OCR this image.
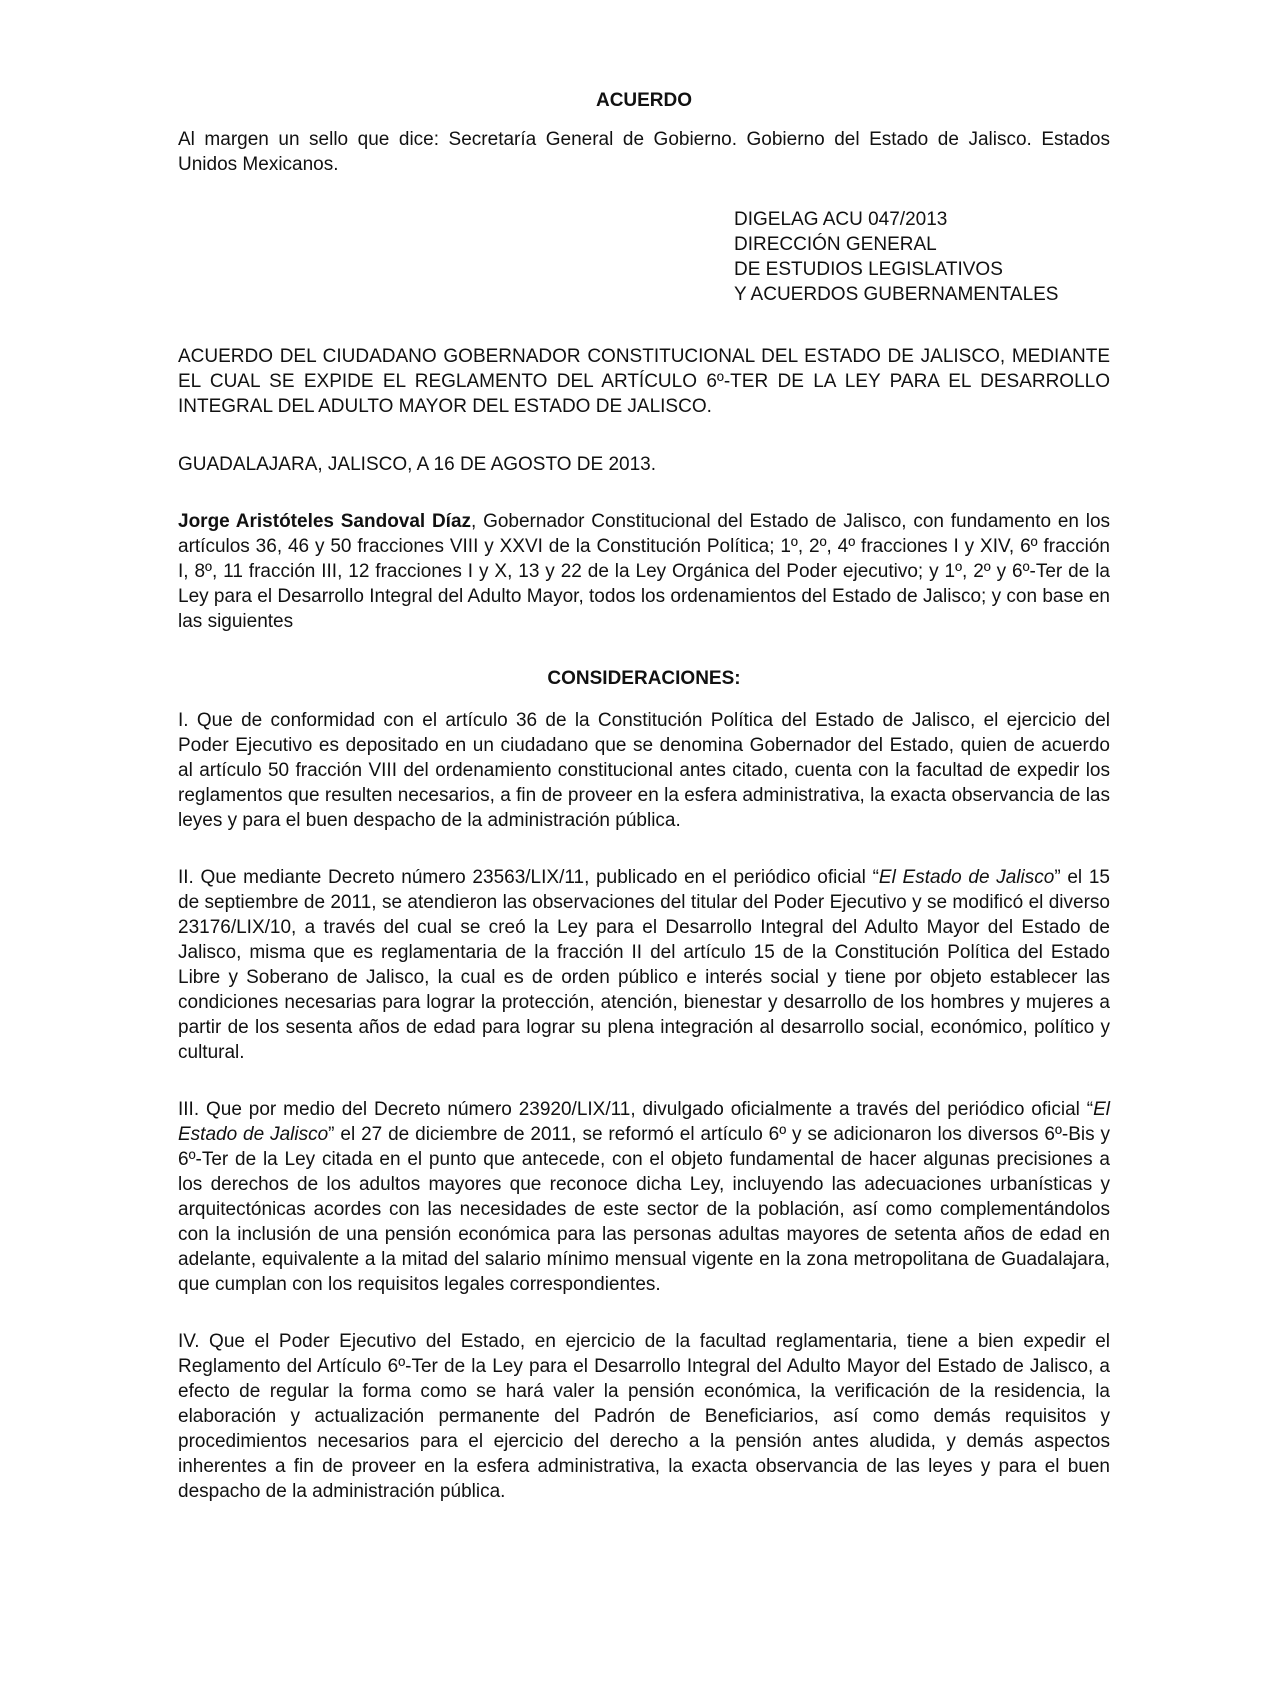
ACUERDO

Al margen un sello que dice: Secretaría General de Gobierno. Gobierno del Estado de Jalisco. Estados Unidos Mexicanos.

DIGELAG ACU 047/2013
DIRECCIÓN GENERAL
DE ESTUDIOS LEGISLATIVOS
Y ACUERDOS GUBERNAMENTALES

ACUERDO DEL CIUDADANO GOBERNADOR CONSTITUCIONAL DEL ESTADO DE JALISCO, MEDIANTE EL CUAL SE EXPIDE EL REGLAMENTO DEL ARTÍCULO 6º-TER DE LA LEY PARA EL DESARROLLO INTEGRAL DEL ADULTO MAYOR DEL ESTADO DE JALISCO.

GUADALAJARA, JALISCO, A 16 DE AGOSTO DE 2013.

Jorge Aristóteles Sandoval Díaz, Gobernador Constitucional del Estado de Jalisco, con fundamento en los artículos 36, 46 y 50 fracciones VIII y XXVI de la Constitución Política; 1º, 2º, 4º fracciones I y XIV, 6º fracción I, 8º, 11 fracción III, 12 fracciones I y X, 13 y 22 de la Ley Orgánica del Poder ejecutivo; y 1º, 2º y 6º-Ter de la Ley para el Desarrollo Integral del Adulto Mayor, todos los ordenamientos del Estado de Jalisco; y con base en las siguientes

CONSIDERACIONES:

I. Que de conformidad con el artículo 36 de la Constitución Política del Estado de Jalisco, el ejercicio del Poder Ejecutivo es depositado en un ciudadano que se denomina Gobernador del Estado, quien de acuerdo al artículo 50 fracción VIII del ordenamiento constitucional antes citado, cuenta con la facultad de expedir los reglamentos que resulten necesarios, a fin de proveer en la esfera administrativa, la exacta observancia de las leyes y para el buen despacho de la administración pública.

II. Que mediante Decreto número 23563/LIX/11, publicado en el periódico oficial “El Estado de Jalisco” el 15 de septiembre de 2011, se atendieron las observaciones del titular del Poder Ejecutivo y se modificó el diverso 23176/LIX/10, a través del cual se creó la Ley para el Desarrollo Integral del Adulto Mayor del Estado de Jalisco, misma que es reglamentaria de la fracción II del artículo 15 de la Constitución Política del Estado Libre y Soberano de Jalisco, la cual es de orden público e interés social y tiene por objeto establecer las condiciones necesarias para lograr la protección, atención, bienestar y desarrollo de los hombres y mujeres a partir de los sesenta años de edad para lograr su plena integración al desarrollo social, económico, político y cultural.

III. Que por medio del Decreto número 23920/LIX/11, divulgado oficialmente a través del periódico oficial “El Estado de Jalisco” el 27 de diciembre de 2011, se reformó el artículo 6º y se adicionaron los diversos 6º-Bis y 6º-Ter de la Ley citada en el punto que antecede, con el objeto fundamental de hacer algunas precisiones a los derechos de los adultos mayores que reconoce dicha Ley, incluyendo las adecuaciones urbanísticas y arquitectónicas acordes con las necesidades de este sector de la población, así como complementándolos con la inclusión de una pensión económica para las personas adultas mayores de setenta años de edad en adelante, equivalente a la mitad del salario mínimo mensual vigente en la zona metropolitana de Guadalajara, que cumplan con los requisitos legales correspondientes.

IV. Que el Poder Ejecutivo del Estado, en ejercicio de la facultad reglamentaria, tiene a bien expedir el Reglamento del Artículo 6º-Ter de la Ley para el Desarrollo Integral del Adulto Mayor del Estado de Jalisco, a efecto de regular la forma como se hará valer la pensión económica, la verificación de la residencia, la elaboración y actualización permanente del Padrón de Beneficiarios, así como demás requisitos y procedimientos necesarios para el ejercicio del derecho a la pensión antes aludida, y demás aspectos inherentes a fin de proveer en la esfera administrativa, la exacta observancia de las leyes y para el buen despacho de la administración pública.
